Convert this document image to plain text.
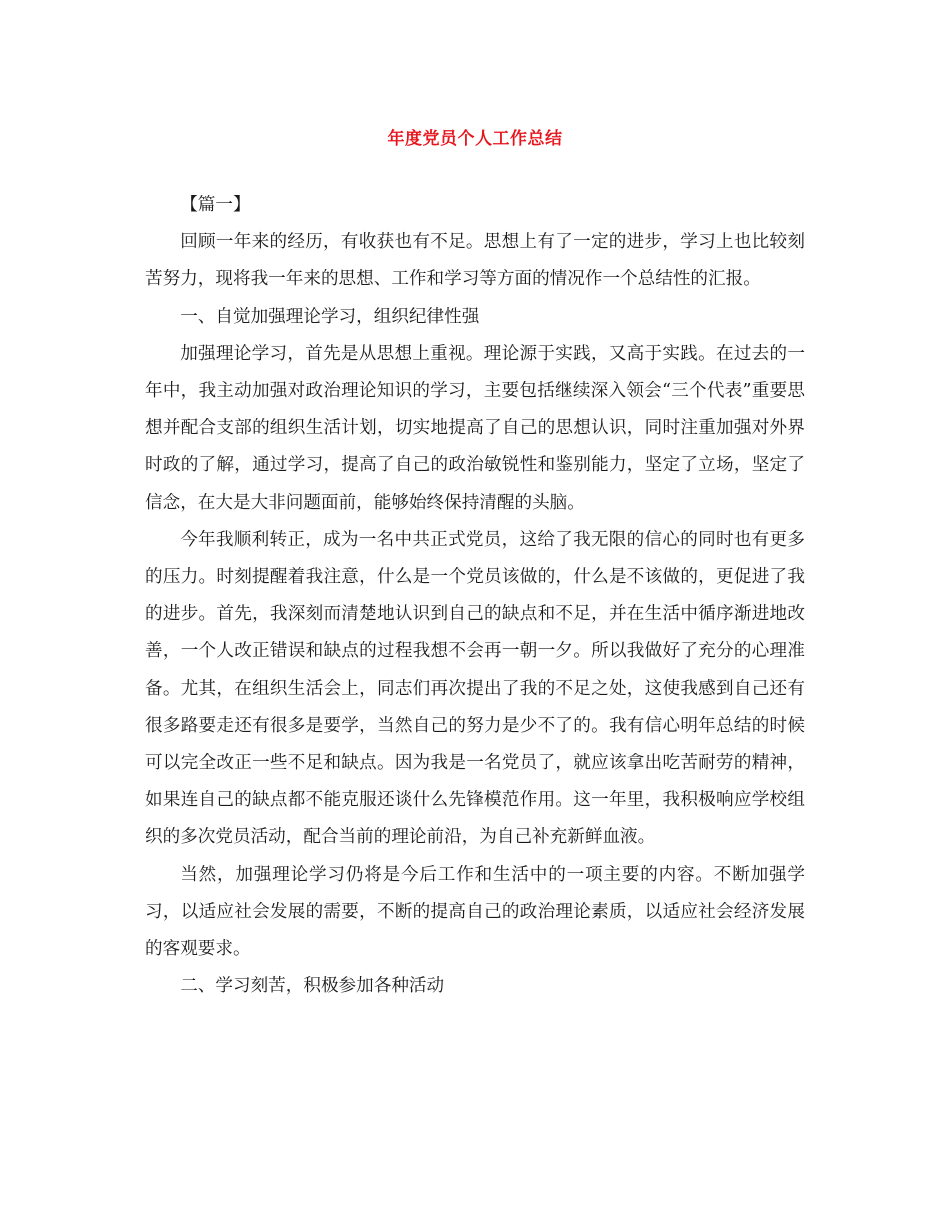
年度党员个人工作总结

【篇一】

回顾一年来的经历，有收获也有不足。思想上有了一定的进步，学习上也比较刻苦努力，现将我一年来的思想、工作和学习等方面的情况作一个总结性的汇报。

一、自觉加强理论学习，组织纪律性强

加强理论学习，首先是从思想上重视。理论源于实践，又高于实践。在过去的一年中，我主动加强对政治理论知识的学习，主要包括继续深入领会“三个代表”重要思想并配合支部的组织生活计划，切实地提高了自己的思想认识，同时注重加强对外界时政的了解，通过学习，提高了自己的政治敏锐性和鉴别能力，坚定了立场，坚定了信念，在大是大非问题面前，能够始终保持清醒的头脑。

今年我顺利转正，成为一名中共正式党员，这给了我无限的信心的同时也有更多的压力。时刻提醒着我注意，什么是一个党员该做的，什么是不该做的，更促进了我的进步。首先，我深刻而清楚地认识到自己的缺点和不足，并在生活中循序渐进地改善，一个人改正错误和缺点的过程我想不会再一朝一夕。所以我做好了充分的心理准备。尤其，在组织生活会上，同志们再次提出了我的不足之处，这使我感到自己还有很多路要走还有很多是要学，当然自己的努力是少不了的。我有信心明年总结的时候可以完全改正一些不足和缺点。因为我是一名党员了，就应该拿出吃苦耐劳的精神，如果连自己的缺点都不能克服还谈什么先锋模范作用。这一年里，我积极响应学校组织的多次党员活动，配合当前的理论前沿，为自己补充新鲜血液。

当然，加强理论学习仍将是今后工作和生活中的一项主要的内容。不断加强学习，以适应社会发展的需要，不断的提高自己的政治理论素质，以适应社会经济发展的客观要求。

二、学习刻苦，积极参加各种活动
